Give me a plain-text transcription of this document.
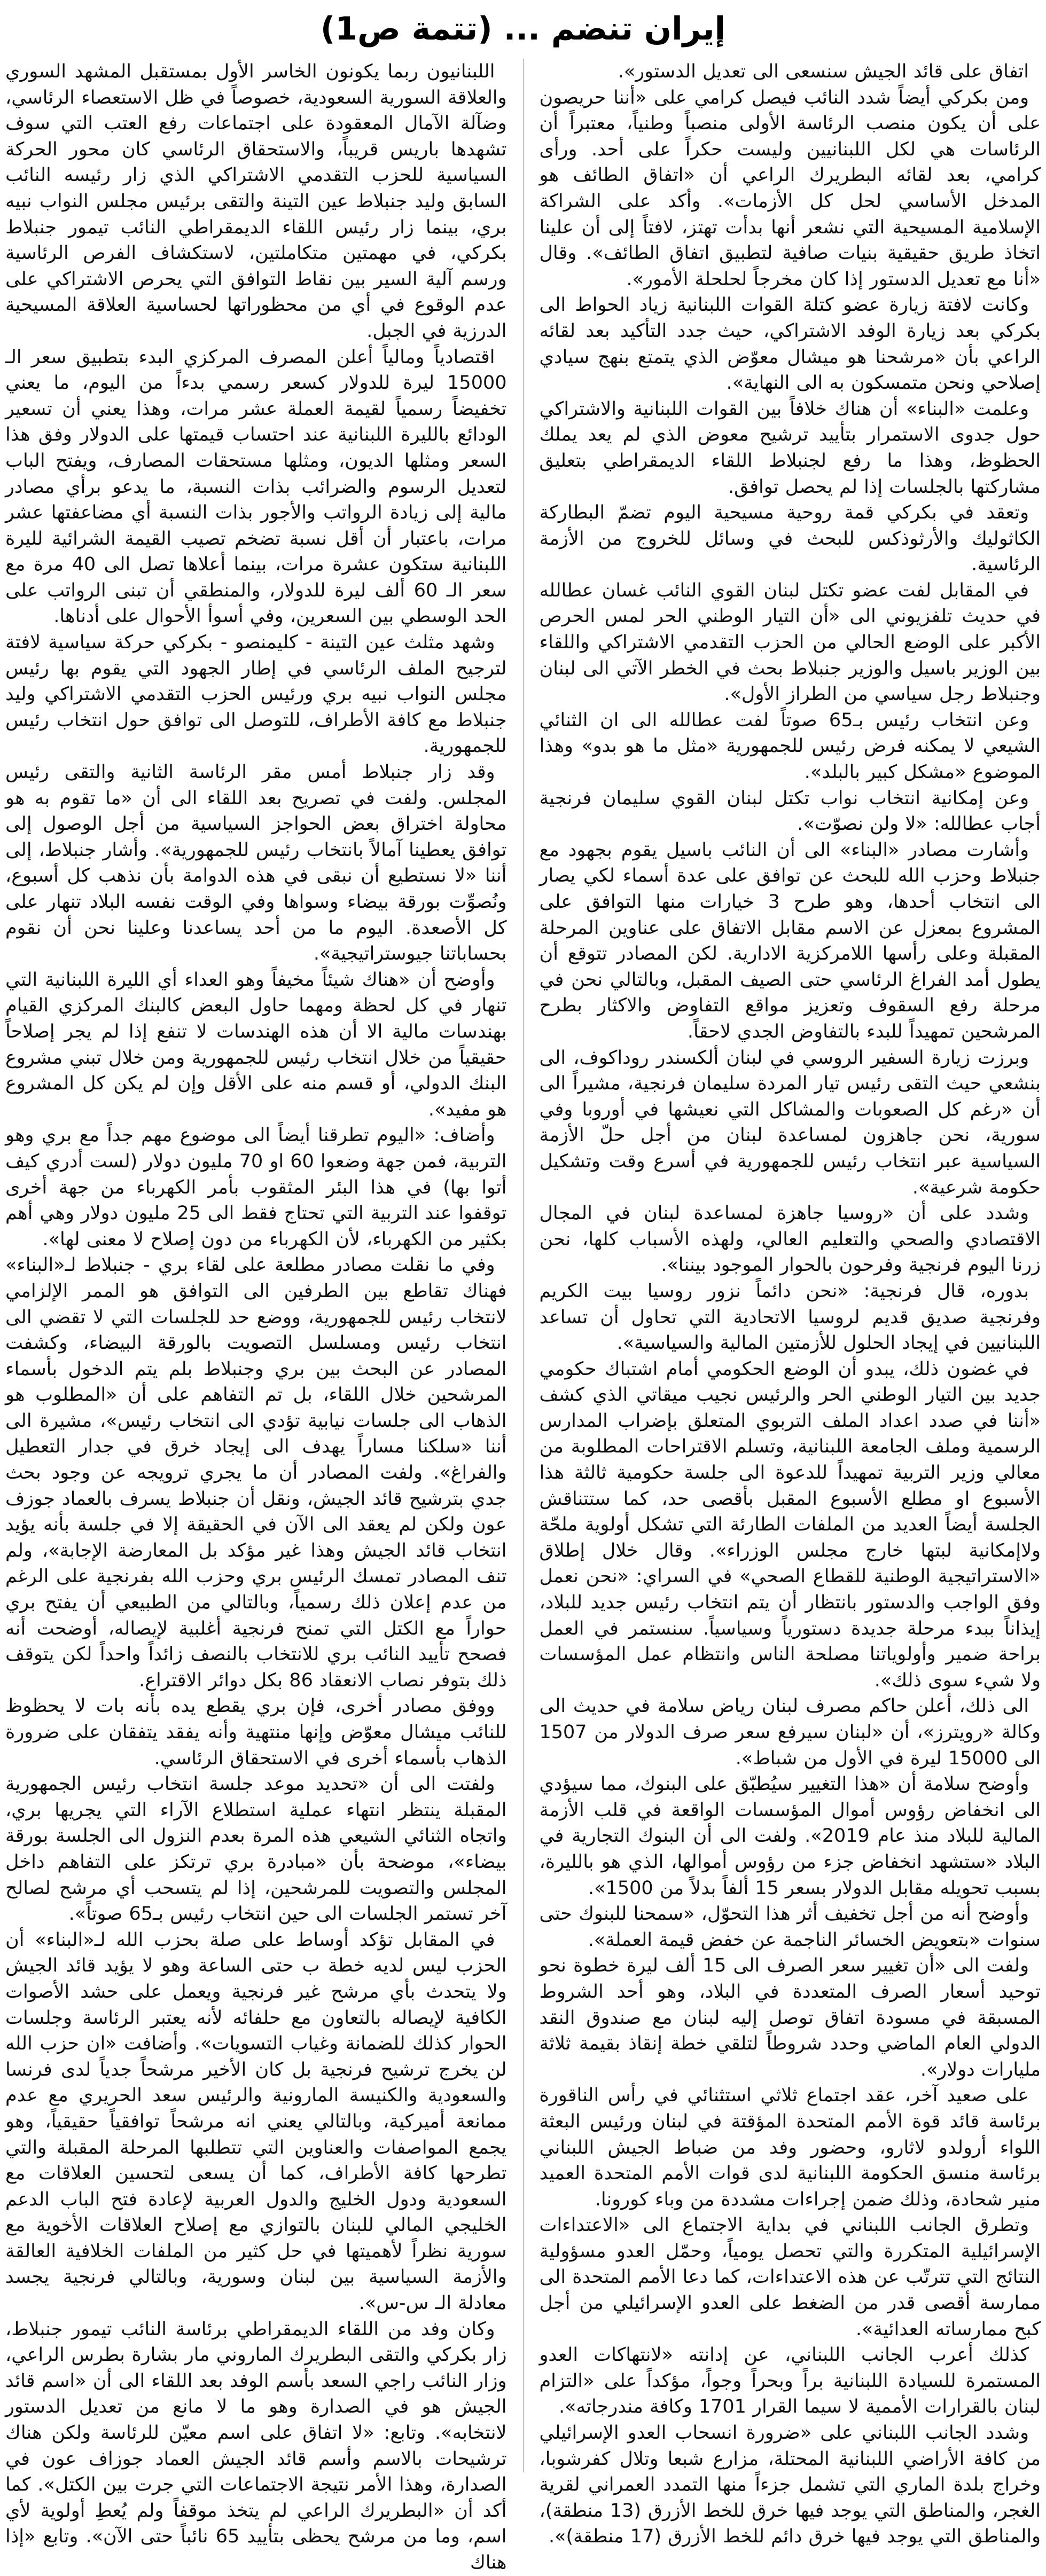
إيران تنضم ... (تتمة ص1)

اللبنانيون ربما يكونون الخاسر الأول بمستقبل المشهد السوري والعلاقة السورية السعودية، خصوصاً في ظل الاستعصاء الرئاسي، وضآلة الآمال المعقودة على اجتماعات رفع العتب التي سوف تشهدها باريس قريباً، والاستحقاق الرئاسي كان محور الحركة السياسية للحزب التقدمي الاشتراكي الذي زار رئيسه النائب السابق وليد جنبلاط عين التينة والتقى برئيس مجلس النواب نبيه بري، بينما زار رئيس اللقاء الديمقراطي النائب تيمور جنبلاط بكركي، في مهمتين متكاملتين، لاستكشاف الفرص الرئاسية ورسم آلية السير بين نقاط التوافق التي يحرص الاشتراكي على عدم الوقوع في أي من محظوراتها لحساسية العلاقة المسيحية الدرزية في الجبل.

اقتصادياً ومالياً أعلن المصرف المركزي البدء بتطبيق سعر الـ 15000 ليرة للدولار كسعر رسمي بدءاً من اليوم، ما يعني تخفيضاً رسمياً لقيمة العملة عشر مرات، وهذا يعني أن تسعير الودائع بالليرة اللبنانية عند احتساب قيمتها على الدولار وفق هذا السعر ومثلها الديون، ومثلها مستحقات المصارف، ويفتح الباب لتعديل الرسوم والضرائب بذات النسبة، ما يدعو برأي مصادر مالية إلى زيادة الرواتب والأجور بذات النسبة أي مضاعفتها عشر مرات، باعتبار أن أقل نسبة تضخم تصيب القيمة الشرائية لليرة اللبنانية ستكون عشرة مرات، بينما أعلاها تصل الى 40 مرة مع سعر الـ 60 ألف ليرة للدولار، والمنطقي أن تبنى الرواتب على الحد الوسطي بين السعرين، وفي أسوأ الأحوال على أدناها.

وشهد مثلث عين التينة - كليمنصو - بكركي حركة سياسية لافتة لترجيح الملف الرئاسي في إطار الجهود التي يقوم بها رئيس مجلس النواب نبيه بري ورئيس الحزب التقدمي الاشتراكي وليد جنبلاط مع كافة الأطراف، للتوصل الى توافق حول انتخاب رئيس للجمهورية.

وقد زار جنبلاط أمس مقر الرئاسة الثانية والتقى رئيس المجلس. ولفت في تصريح بعد اللقاء الى أن «ما تقوم به هو محاولة اختراق بعض الحواجز السياسية من أجل الوصول إلى توافق يعطينا آمالاً بانتخاب رئيس للجمهورية». وأشار جنبلاط، إلى أننا «لا نستطيع أن نبقى في هذه الدوامة بأن نذهب كل أسبوع، ونُصوِّت بورقة بيضاء وسواها وفي الوقت نفسه البلاد تنهار على كل الأصعدة. اليوم ما من أحد يساعدنا وعلينا نحن أن نقوم بحساباتنا جيوستراتيجية».

وأوضح أن «هناك شيئاً مخيفاً وهو العداء أي الليرة اللبنانية التي تنهار في كل لحظة ومهما حاول البعض كالبنك المركزي القيام بهندسات مالية الا أن هذه الهندسات لا تنفع إذا لم يجر إصلاحاً حقيقياً من خلال انتخاب رئيس للجمهورية ومن خلال تبني مشروع البنك الدولي، أو قسم منه على الأقل وإن لم يكن كل المشروع هو مفيد».

وأضاف: «اليوم تطرقنا أيضاً الى موضوع مهم جداً مع بري وهو التربية، فمن جهة وضعوا 60 او 70 مليون دولار (لست أدري كيف أتوا بها) في هذا البئر المثقوب بأمر الكهرباء من جهة أخرى توقفوا عند التربية التي تحتاج فقط الى 25 مليون دولار وهي أهم بكثير من الكهرباء، لأن الكهرباء من دون إصلاح لا معنى لها».

وفي ما نقلت مصادر مطلعة على لقاء بري - جنبلاط لـ«البناء» فهناك تقاطع بين الطرفين الى التوافق هو الممر الإلزامي لانتخاب رئيس للجمهورية، ووضع حد للجلسات التي لا تقضي الى انتخاب رئيس ومسلسل التصويت بالورقة البيضاء، وكشفت المصادر عن البحث بين بري وجنبلاط بلم يتم الدخول بأسماء المرشحين خلال اللقاء، بل تم التفاهم على أن «المطلوب هو الذهاب الى جلسات نيابية تؤدي الى انتخاب رئيس»، مشيرة الى أننا «سلكنا مساراً يهدف الى إيجاد خرق في جدار التعطيل والفراغ». ولفت المصادر أن ما يجري ترويجه عن وجود بحث جدي بترشيح قائد الجيش، ونقل أن جنبلاط يسرف بالعماد جوزف عون ولكن لم يعقد الى الآن في الحقيقة إلا في جلسة بأنه يؤيد انتخاب قائد الجيش وهذا غير مؤكد بل المعارضة الإجابة»، ولم تنف المصادر تمسك الرئيس بري وحزب الله بفرنجية على الرغم من عدم إعلان ذلك رسمياً، وبالتالي من الطبيعي أن يفتح بري حواراً مع الكتل التي تمنح فرنجية أغلبية لإيصاله، أوضحت أنه فصحح تأييد النائب بري للانتخاب بالنصف زائداً واحداً لكن يتوقف ذلك بتوفر نصاب الانعقاد 86 بكل دوائر الاقتراع.

ووفق مصادر أخرى، فإن بري يقطع يده بأنه بات لا يحظوظ للنائب ميشال معوّض وإنها منتهية وأنه يفقد يتفقان على ضرورة الذهاب بأسماء أخرى في الاستحقاق الرئاسي.

ولفتت الى أن «تحديد موعد جلسة انتخاب رئيس الجمهورية المقبلة ينتظر انتهاء عملية استطلاع الآراء التي يجريها بري، واتجاه الثنائي الشيعي هذه المرة بعدم النزول الى الجلسة بورقة بيضاء»، موضحة بأن «مبادرة بري ترتكز على التفاهم داخل المجلس والتصويت للمرشحين، إذا لم يتسحب أي مرشح لصالح آخر تستمر الجلسات الى حين انتخاب رئيس بـ65 صوتاً».

في المقابل تؤكد أوساط على صلة بحزب الله لـ«البناء» أن الحزب ليس لديه خطة ب حتى الساعة وهو لا يؤيد قائد الجيش ولا يتحدث بأي مرشح غير فرنجية ويعمل على حشد الأصوات الكافية لإيصاله بالتعاون مع حلفائه لأنه يعتبر الرئاسة وجلسات الحوار كذلك للضمانة وغياب التسويات». وأضافت «ان حزب الله لن يخرج ترشيح فرنجية بل كان الأخير مرشحاً جدياً لدى فرنسا والسعودية والكنيسة المارونية والرئيس سعد الحريري مع عدم ممانعة أميركية، وبالتالي يعني انه مرشحاً توافقياً حقيقياً، وهو يجمع المواصفات والعناوين التي تتطلبها المرحلة المقبلة والتي تطرحها كافة الأطراف، كما أن يسعى لتحسين العلاقات مع السعودية ودول الخليج والدول العربية لإعادة فتح الباب الدعم الخليجي المالي للبنان بالتوازي مع إصلاح العلاقات الأخوية مع سورية نظراً لأهميتها في حل كثير من الملفات الخلافية العالقة والأزمة السياسية بين لبنان وسورية، وبالتالي فرنجية يجسد معادلة الـ س-س».

وكان وفد من اللقاء الديمقراطي برئاسة النائب تيمور جنبلاط، زار بكركي والتقى البطريرك الماروني مار بشارة بطرس الراعي، وزار النائب راجي السعد بأسم الوفد بعد اللقاء الى أن «اسم قائد الجيش هو في الصدارة وهو ما لا مانع من تعديل الدستور لانتخابه». وتابع: «لا اتفاق على اسم معيّن للرئاسة ولكن هناك ترشيحات بالاسم وأسم قائد الجيش العماد جوزاف عون في الصدارة، وهذا الأمر نتيجة الاجتماعات التي جرت بين الكتل». كما أكد أن «البطريرك الراعي لم يتخذ موقفاً ولم يُعطِ أولوية لأي اسم، وما من مرشح يحظى بتأييد 65 نائباً حتى الآن». وتابع «إذا هناك

اتفاق على قائد الجيش سنسعى الى تعديل الدستور».

ومن بكركي أيضاً شدد النائب فيصل كرامي على «أننا حريصون على أن يكون منصب الرئاسة الأولى منصباً وطنياً، معتبراً أن الرئاسات هي لكل اللبنانيين وليست حكراً على أحد. ورأى كرامي، بعد لقائه البطريرك الراعي أن «اتفاق الطائف هو المدخل الأساسي لحل كل الأزمات». وأكد على الشراكة الإسلامية المسيحية التي نشعر أنها بدأت تهتز، لافتاً إلى أن علينا اتخاذ طريق حقيقية بنيات صافية لتطبيق اتفاق الطائف». وقال «أنا مع تعديل الدستور إذا كان مخرجاً لحلحلة الأمور».

وكانت لافتة زيارة عضو كتلة القوات اللبنانية زياد الحواط الى بكركي بعد زيارة الوفد الاشتراكي، حيث جدد التأكيد بعد لقائه الراعي بأن «مرشحنا هو ميشال معوّض الذي يتمتع بنهج سيادي إصلاحي ونحن متمسكون به الى النهاية».

وعلمت «البناء» أن هناك خلافاً بين القوات اللبنانية والاشتراكي حول جدوى الاستمرار بتأييد ترشيح معوض الذي لم يعد يملك الحظوظ، وهذا ما رفع لجنبلاط اللقاء الديمقراطي بتعليق مشاركتها بالجلسات إذا لم يحصل توافق.

وتعقد في بكركي قمة روحية مسيحية اليوم تضمّ البطاركة الكاثوليك والأرثوذكس للبحث في وسائل للخروج من الأزمة الرئاسية.

في المقابل لفت عضو تكتل لبنان القوي النائب غسان عطالله في حديث تلفزيوني الى «أن التيار الوطني الحر لمس الحرص الأكبر على الوضع الحالي من الحزب التقدمي الاشتراكي واللقاء بين الوزير باسيل والوزير جنبلاط بحث في الخطر الآتي الى لبنان وجنبلاط رجل سياسي من الطراز الأول».

وعن انتخاب رئيس بـ65 صوتاً لفت عطالله الى ان الثنائي الشيعي لا يمكنه فرض رئيس للجمهورية «مثل ما هو بدو» وهذا الموضوع «مشكل كبير بالبلد».

وعن إمكانية انتخاب نواب تكتل لبنان القوي سليمان فرنجية أجاب عطالله: «لا ولن نصوّت».

وأشارت مصادر «البناء» الى أن النائب باسيل يقوم بجهود مع جنبلاط وحزب الله للبحث عن توافق على عدة أسماء لكي يصار الى انتخاب أحدها، وهو طرح 3 خيارات منها التوافق على المشروع بمعزل عن الاسم مقابل الاتفاق على عناوين المرحلة المقبلة وعلى رأسها اللامركزية الادارية. لكن المصادر تتوقع أن يطول أمد الفراغ الرئاسي حتى الصيف المقبل، وبالتالي نحن في مرحلة رفع السقوف وتعزيز مواقع التفاوض والاكثار بطرح المرشحين تمهيداً للبدء بالتفاوض الجدي لاحقاً.

وبرزت زيارة السفير الروسي في لبنان ألكسندر روداكوف، الى بنشعي حيث التقى رئيس تيار المردة سليمان فرنجية، مشيراً الى أن «رغم كل الصعوبات والمشاكل التي نعيشها في أوروبا وفي سورية، نحن جاهزون لمساعدة لبنان من أجل حلّ الأزمة السياسية عبر انتخاب رئيس للجمهورية في أسرع وقت وتشكيل حكومة شرعية».

وشدد على أن «روسيا جاهزة لمساعدة لبنان في المجال الاقتصادي والصحي والتعليم العالي، ولهذه الأسباب كلها، نحن زرنا اليوم فرنجية وفرحون بالحوار الموجود بيننا».

بدوره، قال فرنجية: «نحن دائماً نزور روسيا بيت الكريم وفرنجية صديق قديم لروسيا الاتحادية التي تحاول أن تساعد اللبنانيين في إيجاد الحلول للأزمتين المالية والسياسية».

في غضون ذلك، يبدو أن الوضع الحكومي أمام اشتباك حكومي جديد بين التيار الوطني الحر والرئيس نجيب ميقاتي الذي كشف «أننا في صدد اعداد الملف التربوي المتعلق بإضراب المدارس الرسمية وملف الجامعة اللبنانية، وتسلم الاقتراحات المطلوبة من معالي وزير التربية تمهيداً للدعوة الى جلسة حكومية ثالثة هذا الأسبوع او مطلع الأسبوع المقبل بأقصى حد، كما ستتناقش الجلسة أيضاً العديد من الملفات الطارئة التي تشكل أولوية ملحّة ولاإمكانية لبتها خارج مجلس الوزراء». وقال خلال إطلاق «الاستراتيجية الوطنية للقطاع الصحي» في السراي: «نحن نعمل وفق الواجب والدستور بانتظار أن يتم انتخاب رئيس جديد للبلاد، إيذاناً ببدء مرحلة جديدة دستورياً وسياسياً. سنستمر في العمل براحة ضمير وأولوياتنا مصلحة الناس وانتظام عمل المؤسسات ولا شيء سوى ذلك».

الى ذلك، أعلن حاكم مصرف لبنان رياض سلامة في حديث الى وكالة «رويترز»، أن «لبنان سيرفع سعر صرف الدولار من 1507 الى 15000 ليرة في الأول من شباط».

وأوضح سلامة أن «هذا التغيير سيُطبّق على البنوك، مما سيؤدي الى انخفاض رؤوس أموال المؤسسات الواقعة في قلب الأزمة المالية للبلاد منذ عام 2019». ولفت الى أن البنوك التجارية في البلاد «ستشهد انخفاض جزء من رؤوس أموالها، الذي هو بالليرة، بسبب تحويله مقابل الدولار بسعر 15 ألفاً بدلاً من 1500».

وأوضح أنه من أجل تخفيف أثر هذا التحوّل، «سمحنا للبنوك حتى سنوات «بتعويض الخسائر الناجمة عن خفض قيمة العملة».

ولفت الى «أن تغيير سعر الصرف الى 15 ألف ليرة خطوة نحو توحيد أسعار الصرف المتعددة في البلاد، وهو أحد الشروط المسبقة في مسودة اتفاق توصل إليه لبنان مع صندوق النقد الدولي العام الماضي وحدد شروطاً لتلقي خطة إنقاذ بقيمة ثلاثة مليارات دولار».

على صعيد آخر، عقد اجتماع ثلاثي استثنائي في رأس الناقورة برئاسة قائد قوة الأمم المتحدة المؤقتة في لبنان ورئيس البعثة اللواء أرولدو لاثارو، وحضور وفد من ضباط الجيش اللبناني برئاسة منسق الحكومة اللبنانية لدى قوات الأمم المتحدة العميد منير شحادة، وذلك ضمن إجراءات مشددة من وباء كورونا.

وتطرق الجانب اللبناني في بداية الاجتماع الى «الاعتداءات الإسرائيلية المتكررة والتي تحصل يومياً، وحمّل العدو مسؤولية النتائج التي تترتّب عن هذه الاعتداءات، كما دعا الأمم المتحدة الى ممارسة أقصى قدر من الضغط على العدو الإسرائيلي من أجل كبح ممارساته العدائية».

كذلك أعرب الجانب اللبناني، عن إدانته «لانتهاكات العدو المستمرة للسيادة اللبنانية براً وبحراً وجواً، مؤكداً على «التزام لبنان بالقرارات الأممية لا سيما القرار 1701 وكافة مندرجاته».

وشدد الجانب اللبناني على «ضرورة انسحاب العدو الإسرائيلي من كافة الأراضي اللبنانية المحتلة، مزارع شبعا وتلال كفرشوبا، وخراج بلدة الماري التي تشمل جزءاً منها التمدد العمراني لقرية الغجر، والمناطق التي يوجد فيها خرق للخط الأزرق (13 منطقة)، والمناطق التي يوجد فيها خرق دائم للخط الأزرق (17 منطقة)».
